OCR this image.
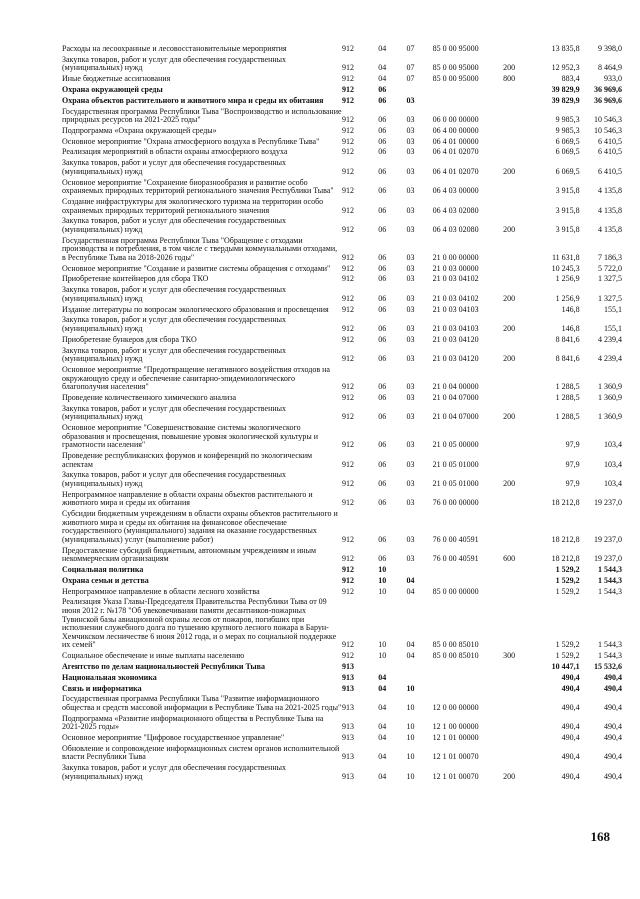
Расходы на лесоохранные и лесовосстановительные мероприятия	912	04	07	85 0 00 95000		13 835,8	9 398,0
Закупка товаров, работ и услуг для обеспечения государственных (муниципальных) нужд	912	04	07	85 0 00 95000	200	12 952,3	8 464,9
Иные бюджетные ассигнования	912	04	07	85 0 00 95000	800	883,4	933,0
Охрана окружающей среды	912	06				39 829,9	36 969,6
Охрана объектов растительного и животного мира и среды их обитания	912	06	03			39 829,9	36 969,6
Государственная программа Республики Тыва "Воспроизводство и использование природных ресурсов на 2021-2025 годы"	912	06	03	06 0 00 00000		9 985,3	10 546,3
Подпрограмма «Охрана окружающей среды»	912	06	03	06 4 00 00000		9 985,3	10 546,3
Основное мероприятие "Охрана атмосферного воздуха в Республике Тыва"	912	06	03	06 4 01 00000		6 069,5	6 410,5
Реализация мероприятий в области охраны атмосферного воздуха	912	06	03	06 4 01 02070		6 069,5	6 410,5
Закупка товаров, работ и услуг для обеспечения государственных (муниципальных) нужд	912	06	03	06 4 01 02070	200	6 069,5	6 410,5
Основное мероприятие "Сохранение биоразнообразия и развитие особо охраняемых природных территорий регионального значения Республики Тыва"	912	06	03	06 4 03 00000		3 915,8	4 135,8
Создание инфраструктуры для экологического туризма на территории особо охраняемых природных территорий регионального значения	912	06	03	06 4 03 02080		3 915,8	4 135,8
Закупка товаров, работ и услуг для обеспечения государственных (муниципальных) нужд	912	06	03	06 4 03 02080	200	3 915,8	4 135,8
Государственная программа Республики Тыва "Обращение с отходами производства и потребления, в том числе с твердыми коммунальными отходами, в Республике Тыва на 2018-2026 годы"	912	06	03	21 0 00 00000		11 631,8	7 186,3
Основное мероприятие "Создание и развитие системы обращения с отходами"	912	06	03	21 0 03 00000		10 245,3	5 722,0
Приобретение контейнеров для сбора ТКО	912	06	03	21 0 03 04102		1 256,9	1 327,5
Закупка товаров, работ и услуг для обеспечения государственных (муниципальных) нужд	912	06	03	21 0 03 04102	200	1 256,9	1 327,5
Издание литературы по вопросам экологического образования и просвещения	912	06	03	21 0 03 04103		146,8	155,1
Закупка товаров, работ и услуг для обеспечения государственных (муниципальных) нужд	912	06	03	21 0 03 04103	200	146,8	155,1
Приобретение бункеров для сбора ТКО	912	06	03	21 0 03 04120		8 841,6	4 239,4
Закупка товаров, работ и услуг для обеспечения государственных (муниципальных) нужд	912	06	03	21 0 03 04120	200	8 841,6	4 239,4
Основное мероприятие "Предотвращение негативного воздействия отходов на окружающую среду и обеспечение санитарно-эпидемиологического благополучия населения"	912	06	03	21 0 04 00000		1 288,5	1 360,9
Проведение количественного химического анализа	912	06	03	21 0 04 07000		1 288,5	1 360,9
Закупка товаров, работ и услуг для обеспечения государственных (муниципальных) нужд	912	06	03	21 0 04 07000	200	1 288,5	1 360,9
Основное мероприятие "Совершенствование системы экологического образования и просвещения, повышение уровня экологической культуры и грамотности населения"	912	06	03	21 0 05 00000		97,9	103,4
Проведение республиканских форумов и конференций по экологическим аспектам	912	06	03	21 0 05 01000		97,9	103,4
Закупка товаров, работ и услуг для обеспечения государственных (муниципальных) нужд	912	06	03	21 0 05 01000	200	97,9	103,4
Непрограммное направление в области охраны объектов растительного и животного мира и среды их обитания	912	06	03	76 0 00 00000		18 212,8	19 237,0
Субсидии бюджетным учреждениям в области охраны объектов растительного и животного мира и среды их обитания на финансовое обеспечение государственного (муниципального) задания на оказание государственных (муниципальных) услуг (выполнение работ)	912	06	03	76 0 00 40591		18 212,8	19 237,0
Предоставление субсидий бюджетным, автономным учреждениям и иным некоммерческим организациям	912	06	03	76 0 00 40591	600	18 212,8	19 237,0
Социальная политика	912	10				1 529,2	1 544,3
Охрана семьи и детства	912	10	04			1 529,2	1 544,3
Непрограммное направление в области лесного хозяйства	912	10	04	85 0 00 00000		1 529,2	1 544,3
Реализация Указа Главы-Председателя Правительства Республики Тыва от 09 июня 2012 г. №178 "Об увековечивании памяти десантников-пожарных Тувинской базы авиационной охраны лесов от пожаров, погибших при исполнении служебного долга по тушению крупного лесного пожара в Барун-Хемчикском лесничестве 6 июня 2012 года, и о мерах по социальной поддержке их семей"	912	10	04	85 0 00 85010		1 529,2	1 544,3
Социальное обеспечение и иные выплаты населению	912	10	04	85 0 00 85010	300	1 529,2	1 544,3
Агентство по делам национальностей Республики Тыва	913					10 447,1	15 532,6
Национальная экономика	913	04				490,4	490,4
Связь и информатика	913	04	10			490,4	490,4
Государственная программа Республики Тыва "Развитие информационного общества и средств массовой информации в Республике Тыва на 2021-2025 годы"	913	04	10	12 0 00 00000		490,4	490,4
Подпрограмма «Развитие информационного общества в Республике Тыва на 2021-2025 годы»	913	04	10	12 1 00 00000		490,4	490,4
Основное мероприятие "Цифровое государственное управление"	913	04	10	12 1 01 00000		490,4	490,4
Обновление и сопровождение информационных систем органов исполнительной власти Республики Тыва	913	04	10	12 1 01 00070		490,4	490,4
Закупка товаров, работ и услуг для обеспечения государственных (муниципальных) нужд	913	04	10	12 1 01 00070	200	490,4	490,4
168
